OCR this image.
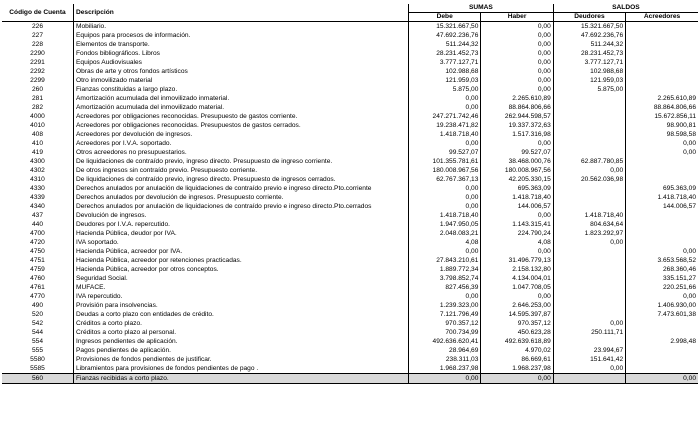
Código de Cuenta	Descripción	SUMAS		SALDOS	
		Debe	Haber	Deudores	Acreedores
226	Mobiliario.	15.321.667,50	0,00	15.321.667,50	
227	Equipos para procesos de información.	47.692.236,76	0,00	47.692.236,76	
228	Elementos de transporte.	511.244,32	0,00	511.244,32	
2290	Fondos bibliográficos. Libros	28.231.452,73	0,00	28.231.452,73	
2291	Equipos Audiovisuales	3.777.127,71	0,00	3.777.127,71	
2292	Obras de arte y otros fondos artísticos	102.988,68	0,00	102.988,68	
2299	Otro inmovilizado material	121.959,03	0,00	121.959,03	
260	Fianzas constituidas a largo plazo.	5.875,00	0,00	5.875,00	
281	Amortización acumulada del inmovilizado inmaterial.	0,00	2.265.610,89		2.265.610,89
282	Amortización acumulada del inmovilizado material.	0,00	88.864.806,66		88.864.806,66
4000	Acreedores por obligaciones reconocidas. Presupuesto de gastos corriente.	247.271.742,46	262.944.598,57		15.672.856,11
4010	Acreedores por obligaciones reconocidas. Presupuestos de gastos cerrados.	19.238.471,82	19.337.372,63		98.900,81
408	Acreedores por devolución de ingresos.	1.418.718,40	1.517.316,98		98.598,58
410	Acreedores por I.V.A. soportado.	0,00	0,00		0,00
419	Otros acreedores no presupuestarios.	99.527,07	99.527,07		0,00
4300	De liquidaciones de contraído previo, ingreso directo. Presupuesto de ingreso corriente.	101.355.781,61	38.468.000,76	62.887.780,85	
4302	De otros ingresos sin contraído previo. Presupuesto corriente.	180.008.967,56	180.008.967,56	0,00	
4310	De liquidaciones de contraído previo, ingreso directo. Presupuesto de ingresos cerrados.	62.767.367,13	42.205.330,15	20.562.036,98	
4330	Derechos anulados por anulación de liquidaciones de contraído previo e ingreso directo.Pto.corriente	0,00	695.363,09		695.363,09
4339	Derechos anulados por devolución de ingresos. Presupuesto corriente.	0,00	1.418.718,40		1.418.718,40
4340	Derechos anulados por anulación de liquidaciones de contraído previo e ingreso directo.Pto.cerrados	0,00	144.006,57		144.006,57
437	Devolución de ingresos.	1.418.718,40	0,00	1.418.718,40	
440	Deudores por I.V.A. repercutido.	1.947.950,05	1.143.315,41	804.634,64	
4700	Hacienda Pública, deudor por IVA.	2.048.083,21	224.790,24	1.823.292,97	
4720	IVA soportado.	4,08	4,08	0,00	
4750	Hacienda Pública, acreedor por IVA.	0,00	0,00		0,00
4751	Hacienda Pública, acreedor por retenciones practicadas.	27.843.210,61	31.496.779,13		3.653.568,52
4759	Hacienda Pública, acreedor por otros conceptos.	1.889.772,34	2.158.132,80		268.360,46
4760	Seguridad Social.	3.798.852,74	4.134.004,01		335.151,27
4761	MUFACE.	827.456,39	1.047.708,05		220.251,66
4770	IVA repercutido.	0,00	0,00		0,00
490	Provisión para insolvencias.	1.239.323,00	2.646.253,00		1.406.930,00
520	Deudas a corto plazo con entidades de crédito.	7.121.796,49	14.595.397,87		7.473.601,38
542	Créditos a corto plazo.	970.357,12	970.357,12	0,00	
544	Créditos a corto plazo al personal.	700.734,99	450.623,28	250.111,71	
554	Ingresos pendientes de aplicación.	492.636.620,41	492.639.618,89		2.998,48
555	Pagos pendientes de aplicación.	28.964,69	4.970,02	23.994,67	
5580	Provisiones de fondos pendientes de justificar.	238.311,03	86.669,61	151.641,42	
5585	Libramientos para provisiones de fondos pendientes de pago .	1.968.237,98	1.968.237,98	0,00	
560	Fianzas recibidas a corto plazo.	0,00	0,00		0,00
